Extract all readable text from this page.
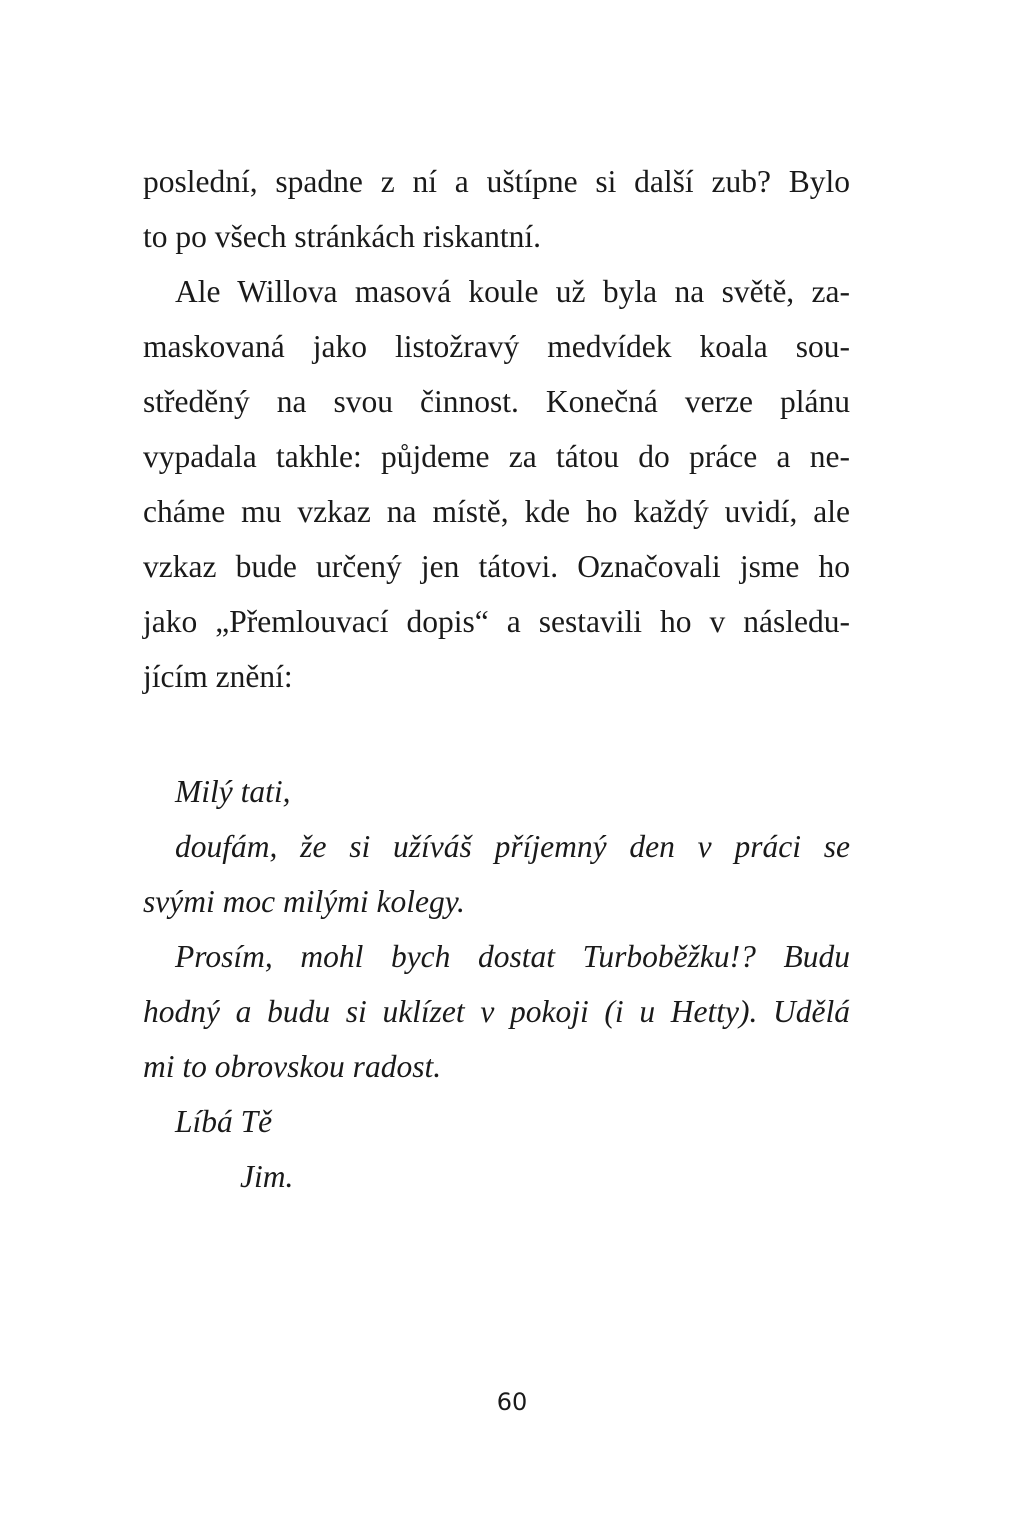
poslední, spadne z ní a uštípne si další zub? Bylo
to po všech stránkách riskantní.
Ale Willova masová koule už byla na světě, za-
maskovaná jako listožravý medvídek koala sou-
středěný na svou činnost. Konečná verze plánu
vypadala takhle: půjdeme za tátou do práce a ne-
cháme mu vzkaz na místě, kde ho každý uvidí, ale
vzkaz bude určený jen tátovi. Označovali jsme ho
jako „Přemlouvací dopis“ a sestavili ho v následu-
jícím znění:
Milý tati,
doufám, že si užíváš příjemný den v práci se
svými moc milými kolegy.
Prosím, mohl bych dostat Turboběžku!? Budu
hodný a budu si uklízet v pokoji (i u Hetty). Udělá
mi to obrovskou radost.
Líbá Tě
Jim.
60
